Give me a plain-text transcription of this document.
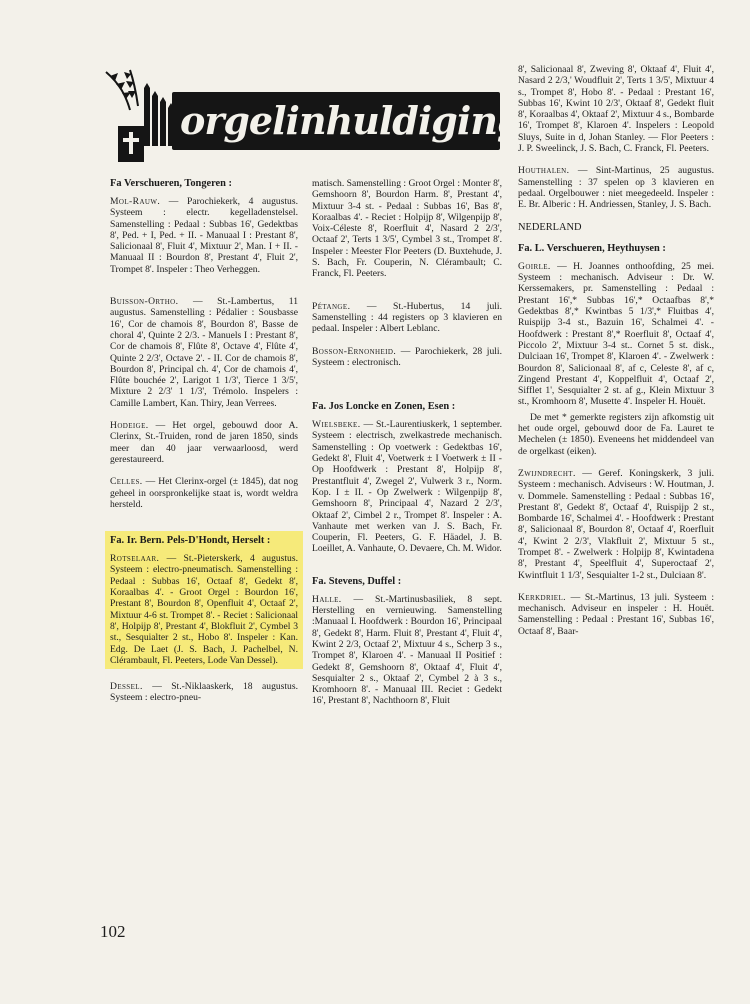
orgelinhuldigingen
Fa Verschueren, Tongeren :

Mol-Rauw. — Parochiekerk, 4 augustus. Systeem : electr. kegelladenstelsel. Samenstelling : Pedaal : Subbas 16', Gedektbas 8', Ped. + I, Ped. + II. - Manuaal I : Prestant 8', Salicionaal 8', Fluit 4', Mixtuur 2', Man. I + II. - Manuaal II : Bourdon 8', Prestant 4', Fluit 2', Trompet 8'. Inspeler : Theo Verheggen.

Buisson-Ortho. — St.-Lambertus, 11 augustus. Samenstelling : Pédalier : Sousbasse 16', Cor de chamois 8', Bourdon 8', Basse de choral 4', Quinte 2 2/3. - Manuels I : Prestant 8', Cor de chamois 8', Flûte 8', Octave 4', Flûte 4', Quinte 2 2/3', Octave 2'. - II. Cor de chamois 8', Bourdon 8', Principal ch. 4', Cor de chamois 4', Flûte bouchée 2', Larigot 1 1/3', Tierce 1 3/5', Mixture 2 2/3' 1 1/3', Trémolo. Inspelers : Camille Lambert, Kan. Thiry, Jean Verrees.

Hodeige. — Het orgel, gebouwd door A. Clerinx, St.-Truiden, rond de jaren 1850, sinds meer dan 40 jaar verwaarloosd, werd gerestaureerd.

Celles. — Het Clerinx-orgel (± 1845), dat nog geheel in oorspronkelijke staat is, wordt weldra hersteld.

Fa. Ir. Bern. Pels-D'Hondt, Herselt :

Rotselaar. — St.-Pieterskerk, 4 augustus. Systeem : electro-pneumatisch. Samenstelling : Pedaal : Subbas 16', Octaaf 8', Gedekt 8', Koraalbas 4'. - Groot Orgel : Bourdon 16', Prestant 8', Bourdon 8', Openfluit 4', Octaaf 2', Mixtuur 4-6 st. Trompet 8'. - Reciet : Salicionaal 8', Holpijp 8', Prestant 4', Blokfluit 2', Cymbel 3 st., Sesquialter 2 st., Hobo 8'. Inspeler : Kan. Edg. De Laet (J. S. Bach, J. Pachelbel, N. Clérambault, Fl. Peeters, Lode Van Dessel).

Dessel. — St.-Niklaaskerk, 18 augustus. Systeem : electro-pneu-

matisch. Samenstelling : Groot Orgel : Monter 8', Gemshoorn 8', Bourdon Harm. 8', Prestant 4', Mixtuur 3-4 st. - Pedaal : Subbas 16', Bas 8', Koraalbas 4'. - Reciet : Holpijp 8', Wilgenpijp 8', Voix-Céleste 8', Roerfluit 4', Nasard 2 2/3', Octaaf 2', Terts 1 3/5', Cymbel 3 st., Trompet 8'. Inspeler : Meester Flor Peeters (D. Buxtehude, J. S. Bach, Fr. Couperin, N. Clérambault; C. Franck, Fl. Peeters.

Pétange. — St.-Hubertus, 14 juli. Samenstelling : 44 registers op 3 klavieren en pedaal. Inspeler : Albert Leblanc.

Bosson-Ernonheid. — Parochiekerk, 28 juli. Systeem : electronisch.

Fa. Jos Loncke en Zonen, Esen :

Wielsbeke. — St.-Laurentiuskerk, 1 september. Systeem : electrisch, zwelkastrede mechanisch. Samenstelling : Op voetwerk : Gedektbas 16', Gedekt 8', Fluit 4', Voetwerk ± I Voetwerk ± II - Op Hoofdwerk : Prestant 8', Holpijp 8', Prestantfluit 4', Zwegel 2', Vulwerk 3 r., Norm. Kop. I ± II. - Op Zwelwerk : Wilgenpijp 8', Gemshoorn 8', Principaal 4', Nazard 2 2/3', Oktaaf 2', Cimbel 2 r., Trompet 8'. Inspeler : A. Vanhaute met werken van J. S. Bach, Fr. Couperin, Fl. Peeters, G. F. Häadel, J. B. Loeillet, A. Vanhaute, O. Devaere, Ch. M. Widor.

Fa. Stevens, Duffel :

Halle. — St.-Martinusbasiliek, 8 sept. Herstelling en vernieuwing. Samenstelling :Manuaal I. Hoofdwerk : Bourdon 16', Principaal 8', Gedekt 8', Harm. Fluit 8', Prestant 4', Fluit 4', Kwint 2 2/3, Octaaf 2', Mixtuur 4 s., Scherp 3 s., Trompet 8', Klaroen 4'. - Manuaal II Positief : Gedekt 8', Gemshoorn 8', Oktaaf 4', Fluit 4', Sesquialter 2 s., Oktaaf 2', Cymbel 2 à 3 s., Kromhoorn 8'. - Manuaal III. Reciet : Gedekt 16', Prestant 8', Nachthoorn 8', Fluit

8', Salicionaal 8', Zweving 8', Oktaaf 4', Fluit 4', Nasard 2 2/3,' Woudfluit 2', Terts 1 3/5', Mixtuur 4 s., Trompet 8', Hobo 8'. - Pedaal : Prestant 16', Subbas 16', Kwint 10 2/3', Oktaaf 8', Gedekt fluit 8', Koraalbas 4', Oktaaf 2', Mixtuur 4 s., Bombarde 16', Trompet 8', Klaroen 4'. Inspelers : Leopold Sluys, Suite in d, Johan Stanley. — Flor Peeters : J. P. Sweelinck, J. S. Bach, C. Franck, Fl. Peeters.

Houthalen. — Sint-Martinus, 25 augustus. Samenstelling : 37 spelen op 3 klavieren en pedaal. Orgelbouwer : niet meegedeeld. Inspeler : E. Br. Alberic : H. Andriessen, Stanley, J. S. Bach.

NEDERLAND
Fa. L. Verschueren, Heythuysen :

Goirle. — H. Joannes onthoofding, 25 mei. Systeem : mechanisch. Adviseur : Dr. W. Kerssemakers, pr. Samenstelling : Pedaal : Prestant 16',* Subbas 16',* Octaafbas 8',* Gedektbas 8',* Kwintbas 5 1/3',* Fluitbas 4', Ruispijp 3-4 st., Bazuin 16', Schalmei 4'. - Hoofdwerk : Prestant 8',* Roerfluit 8', Octaaf 4', Piccolo 2', Mixtuur 3-4 st.. Cornet 5 st. disk., Dulciaan 16', Trompet 8', Klaroen 4'. - Zwelwerk : Bourdon 8', Salicionaal 8', af c, Celeste 8', af c, Zingend Prestant 4', Koppelfluit 4', Octaaf 2', Sifflet 1', Sesquialter 2 st. af g., Klein Mixtuur 3 st., Kromhoorn 8', Musette 4'. Inspeler H. Houët.

De met * gemerkte registers zijn afkomstig uit het oude orgel, gebouwd door de Fa. Lauret te Mechelen (± 1850). Eveneens het middendeel van de orgelkast (eiken).

Zwijndrecht. — Geref. Koningskerk, 3 juli. Systeem : mechanisch. Adviseurs : W. Houtman, J. v. Dommele. Samenstelling : Pedaal : Subbas 16', Prestant 8', Gedekt 8', Octaaf 4', Ruispijp 2 st., Bombarde 16', Schalmei 4'. - Hoofdwerk : Prestant 8', Salicionaal 8', Bourdon 8', Octaaf 4', Roerfluit 4', Kwint 2 2/3', Vlakfluit 2', Mixtuur 5 st., Trompet 8'. - Zwelwerk : Holpijp 8', Kwintadena 8', Prestant 4', Speelfluit 4', Superoctaaf 2', Kwintfluit 1 1/3', Sesquialter 1-2 st., Dulciaan 8'.

Kerkdriel. — St.-Martinus, 13 juli. Systeem : mechanisch. Adviseur en inspeler : H. Houët. Samenstelling : Pedaal : Prestant 16', Subbas 16', Octaaf 8', Baar-

102
